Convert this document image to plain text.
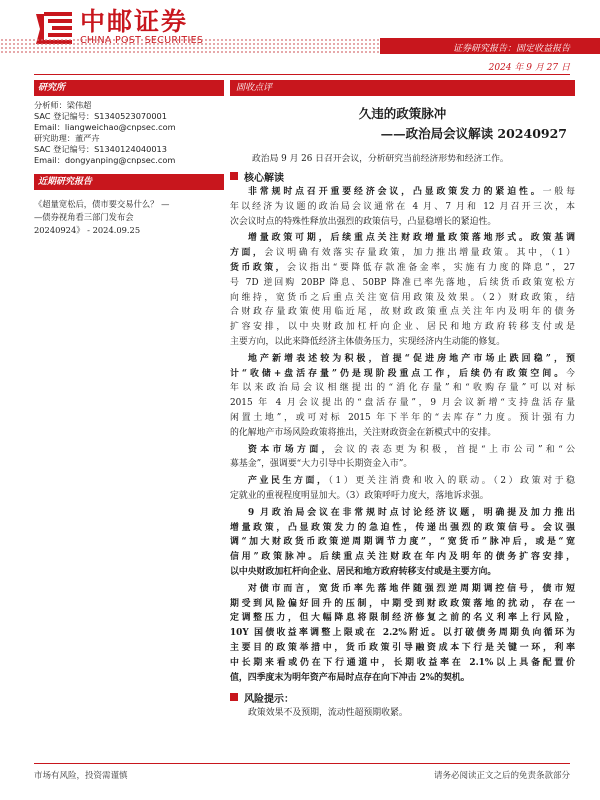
中邮证券
证券研究报告：固定收益报告
2024 年 9 月 27 日
研究所
分析师：梁伟超
SAC 登记编号：S1340523070001
Email：liangweichao@cnpsec.com
研究助理：董严卉
SAC 登记编号：S1340124040013
Email：dongyanping@cnpsec.com
近期研究报告
《超量宽松后，债市要交易什么？ —
—债券视角看三部门发布会
20240924》 - 2024.09.25
固收点评
久违的政策脉冲
——政治局会议解读 20240927
政治局 9 月 26 日召开会议，分析研究当前经济形势和经济工作。
核心解读
非常规时点召开重要经济会议，凸显政策发力的紧迫性。一般每
年以经济为议题的政治局会议通常在 4 月、7 月和 12 月召开三次，本
次会议时点的特殊性释放出强烈的政策信号，凸显稳增长的紧迫性。
增量政策可期，后续重点关注财政增量政策落地形式。政策基调
方面，会议明确有效落实存量政策，加力推出增量政策。其中，（1）
货币政策，会议指出“要降低存款准备金率，实施有力度的降息”，27
号 7D 逆回购 20BP 降息、50BP 降准已率先落地，后续货币政策宽松方
向维持，宽货币之后重点关注宽信用政策及效果。（2）财政政策，结
合财政存量政策使用临近尾，故财政政策重点关注年内及明年的债务
扩容安排，以中央财政加杠杆向企业、居民和地方政府转移支付或是
主要方向，以此来降低经济主体债务压力，实现经济内生动能的修复。
地产新增表述较为积极，首提“促进房地产市场止跌回稳”，预
计“收储+盘活存量”仍是现阶段重点工作，后续仍有政策空间。今
年以来政治局会议相继提出的“消化存量”和“收购存量”可以对标
2015 年 4 月会议提出的“盘活存量”，9 月会议新增“支持盘活存量
闲置土地”，或可对标 2015 年下半年的“去库存”力度。预计强有力
的化解地产市场风险政策将推出，关注财政资金在新模式中的安排。
资本市场方面，会议的表态更为积极，首提“上市公司”和“公
募基金”，强调要“大力引导中长期资金入市”。
产业民生方面，（1）更关注消费和收入的联动。（2）政策对于稳
定就业的重视程度明显加大。（3）政策呼吁力度大，落地诉求强。
9 月政治局会议在非常规时点讨论经济议题，明确提及加力推出
增量政策，凸显政策发力的急迫性，传递出强烈的政策信号。会议强
调“加大财政货币政策逆周期调节力度”，“宽货币”脉冲后，或是“宽
信用”政策脉冲。后续重点关注财政在年内及明年的债务扩容安排，
以中央财政加杠杆向企业、居民和地方政府转移支付或是主要方向。
对债市而言，宽货币率先落地伴随强烈逆周期调控信号，债市短
期受到风险偏好回升的压制，中期受到财政政策落地的扰动，存在一
定调整压力，但大幅降息将限制经济修复之前的名义利率上行风险，
10Y 国债收益率调整上限或在 2.2%附近。以打破债务周期负向循环为
主要目的政策举措中，货币政策引导融资成本下行是关键一环，利率
中长期来看或仍在下行通道中，长期收益率在 2.1%以上具备配置价
值，四季度末为明年资产布局时点存在向下冲击 2%的契机。
风险提示：
政策效果不及预期，流动性超预期收紧。
市场有风险，投资需谨慎	请务必阅读正文之后的免责条款部分
